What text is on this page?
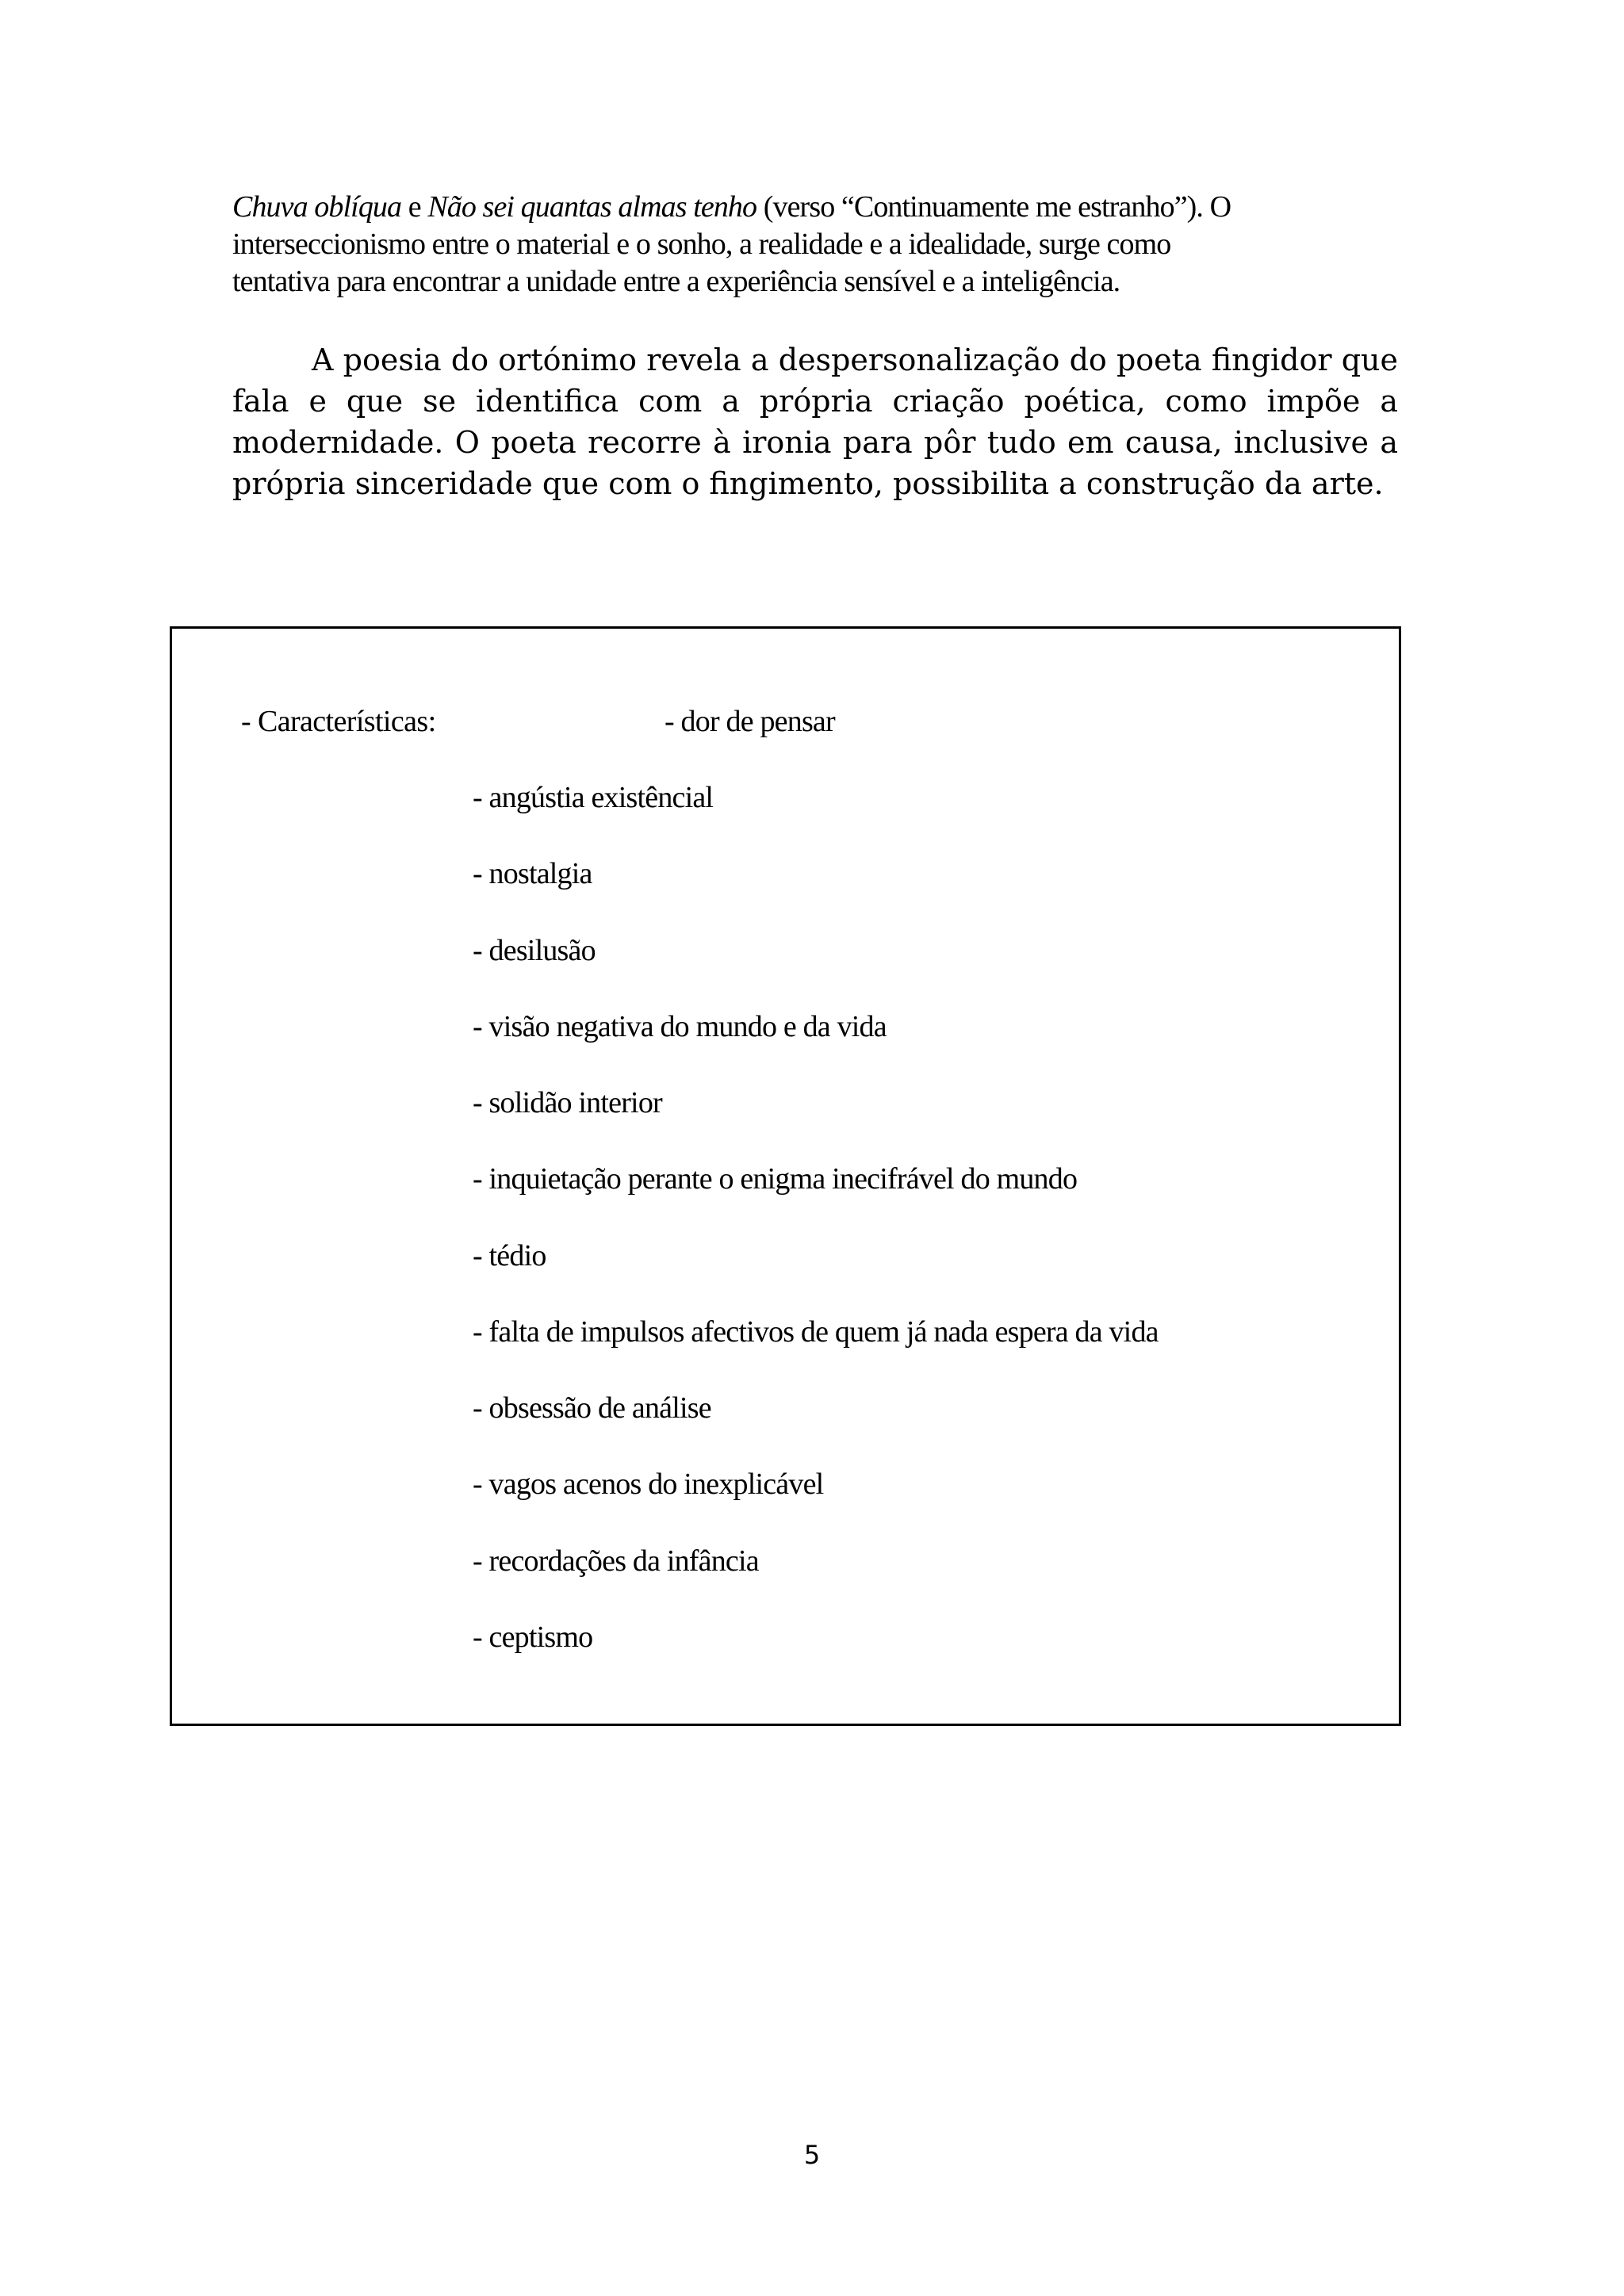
Chuva oblíqua e Não sei quantas almas tenho (verso “Continuamente me estranho”). O
interseccionismo entre o material e o sonho, a realidade e a idealidade, surge como
tentativa para encontrar a unidade entre a experiência sensível e a inteligência.

A poesia do ortónimo revela a despersonalização do poeta fingidor que fala e que se identifica com a própria criação poética, como impõe a modernidade. O poeta recorre à ironia para pôr tudo em causa, inclusive a própria sinceridade que com o fingimento, possibilita a construção da arte.

- Características:	- dor de pensar
- angústia existêncial
- nostalgia
- desilusão
- visão negativa do mundo e da vida
- solidão interior
- inquietação perante o enigma inecifrável do mundo
- tédio
- falta de impulsos afectivos de quem já nada espera da vida
- obsessão de análise
- vagos acenos do inexplicável
- recordações da infância
- ceptismo
5
